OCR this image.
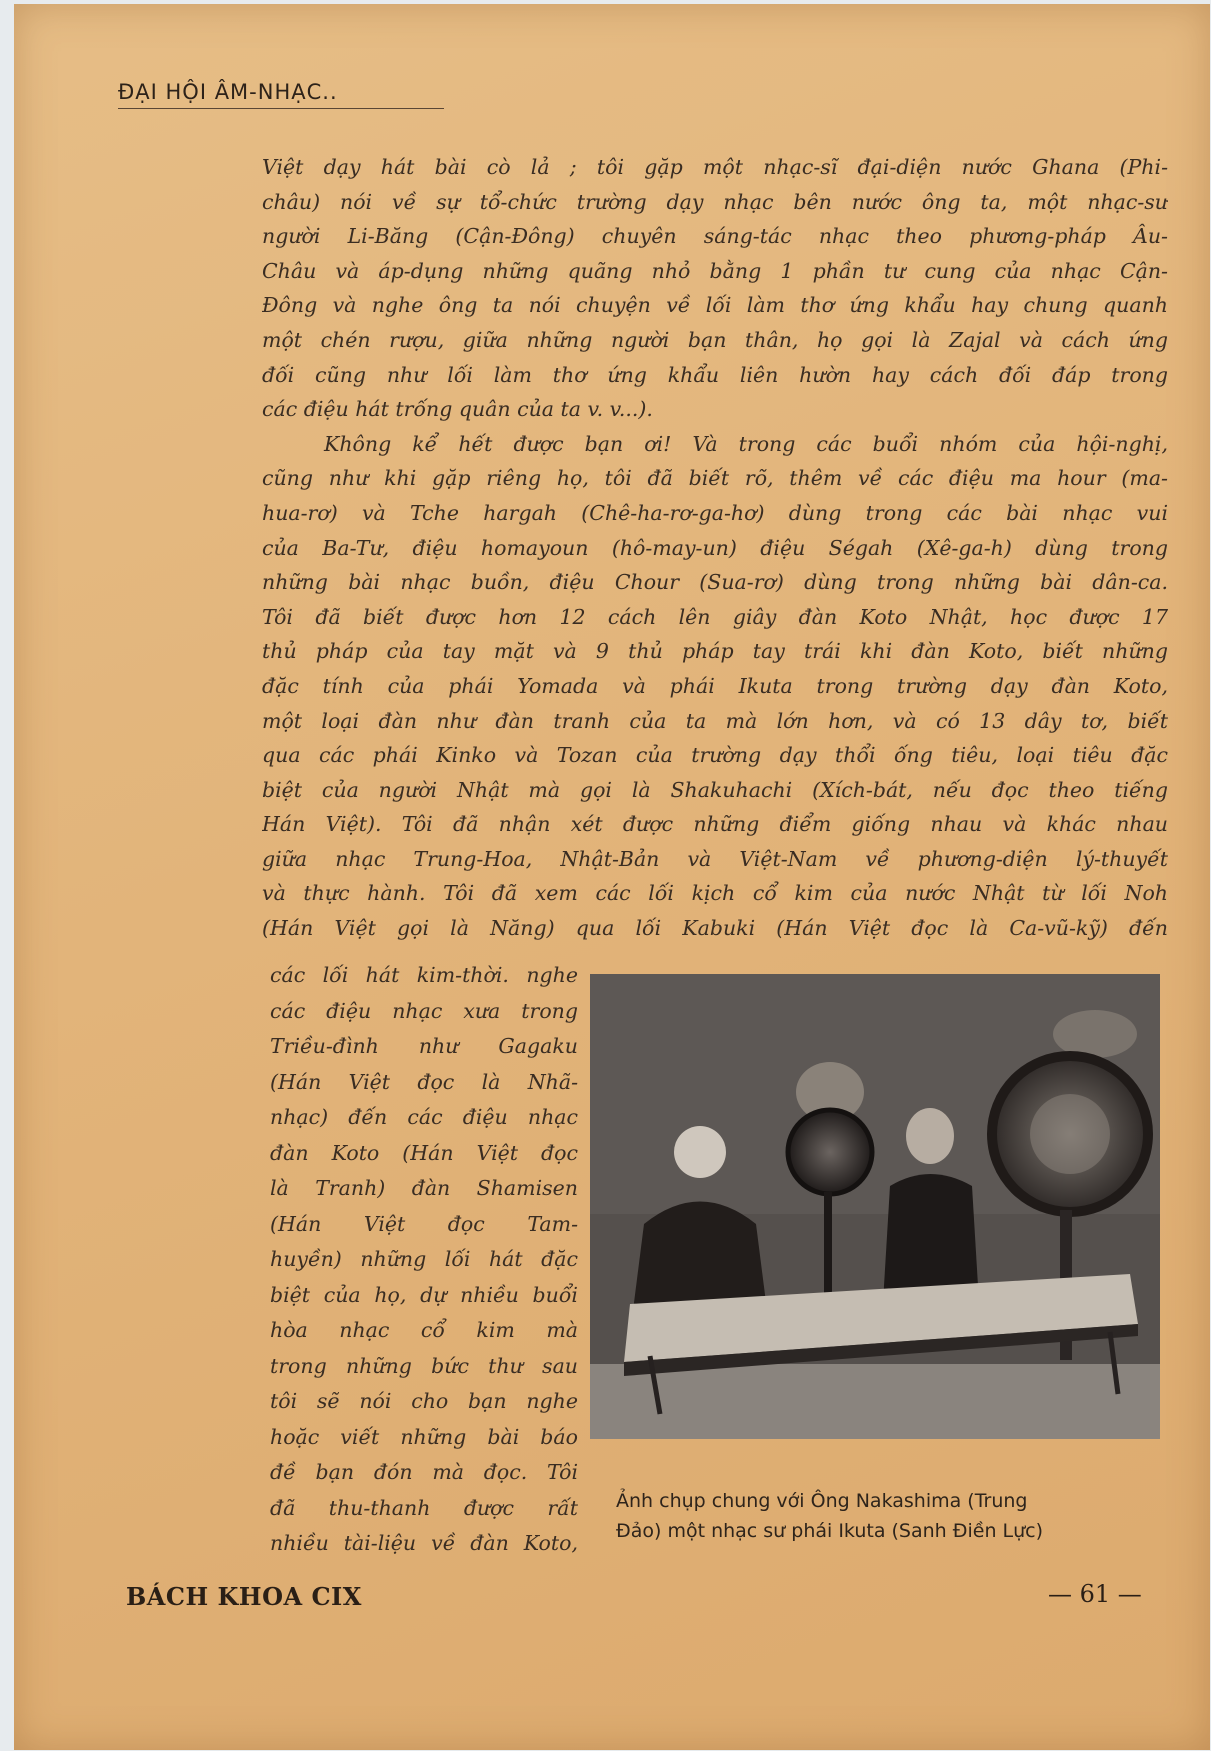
ĐẠI HỘI ÂM-NHẠC..
Việt dạy hát bài cò lả ; tôi gặp một nhạc-sĩ đại-diện nước Ghana (Phi-
châu) nói về sự tổ-chức trường dạy nhạc bên nước ông ta, một nhạc-sư
người Li-Băng (Cận-Đông) chuyên sáng-tác nhạc theo phương-pháp Âu-
Châu và áp-dụng những quãng nhỏ bằng 1 phần tư cung của nhạc Cận-
Đông và nghe ông ta nói chuyện về lối làm thơ ứng khẩu hay chung quanh
một chén rượu, giữa những người bạn thân, họ gọi là Zajal và cách ứng
đối cũng như lối làm thơ ứng khẩu liên hườn hay cách đối đáp trong
các điệu hát trống quân của ta v. v...).
Không kể hết được bạn ơi! Và trong các buổi nhóm của hội-nghị,
cũng như khi gặp riêng họ, tôi đã biết rõ, thêm về các điệu ma hour (ma-
hua-rơ) và Tche hargah (Chê-ha-rơ-ga-hơ) dùng trong các bài nhạc vui
của Ba-Tư, điệu homayoun (hô-may-un) điệu Ségah (Xê-ga-h) dùng trong
những bài nhạc buồn, điệu Chour (Sua-rơ) dùng trong những bài dân-ca.
Tôi đã biết được hơn 12 cách lên giây đàn Koto Nhật, học được 17
thủ pháp của tay mặt và 9 thủ pháp tay trái khi đàn Koto, biết những
đặc tính của phái Yomada và phái Ikuta trong trường dạy đàn Koto,
một loại đàn như đàn tranh của ta mà lớn hơn, và có 13 dây tơ, biết
qua các phái Kinko và Tozan của trường dạy thổi ống tiêu, loại tiêu đặc
biệt của người Nhật mà gọi là Shakuhachi (Xích-bát, nếu đọc theo tiếng
Hán Việt). Tôi đã nhận xét được những điểm giống nhau và khác nhau
giữa nhạc Trung-Hoa, Nhật-Bản và Việt-Nam về phương-diện lý-thuyết
và thực hành. Tôi đã xem các lối kịch cổ kim của nước Nhật từ lối Noh
(Hán Việt gọi là Năng) qua lối Kabuki (Hán Việt đọc là Ca-vũ-kỹ) đến
các lối hát kim-thời. nghe
các điệu nhạc xưa trong
Triều-đình như Gagaku
(Hán Việt đọc là Nhã-
nhạc) đến các điệu nhạc
đàn Koto (Hán Việt đọc
là Tranh) đàn Shamisen
(Hán Việt đọc Tam-
huyền) những lối hát đặc
biệt của họ, dự nhiều buổi
hòa nhạc cổ kim mà
trong những bức thư sau
tôi sẽ nói cho bạn nghe
hoặc viết những bài báo
đề bạn đón mà đọc. Tôi
đã thu-thanh được rất
nhiều tài-liệu về đàn Koto,
Ảnh chụp chung với Ông Nakashima (Trung
Đảo) một nhạc sư phái Ikuta (Sanh Điền Lực)
BÁCH KHOA CIX	— 61 —
